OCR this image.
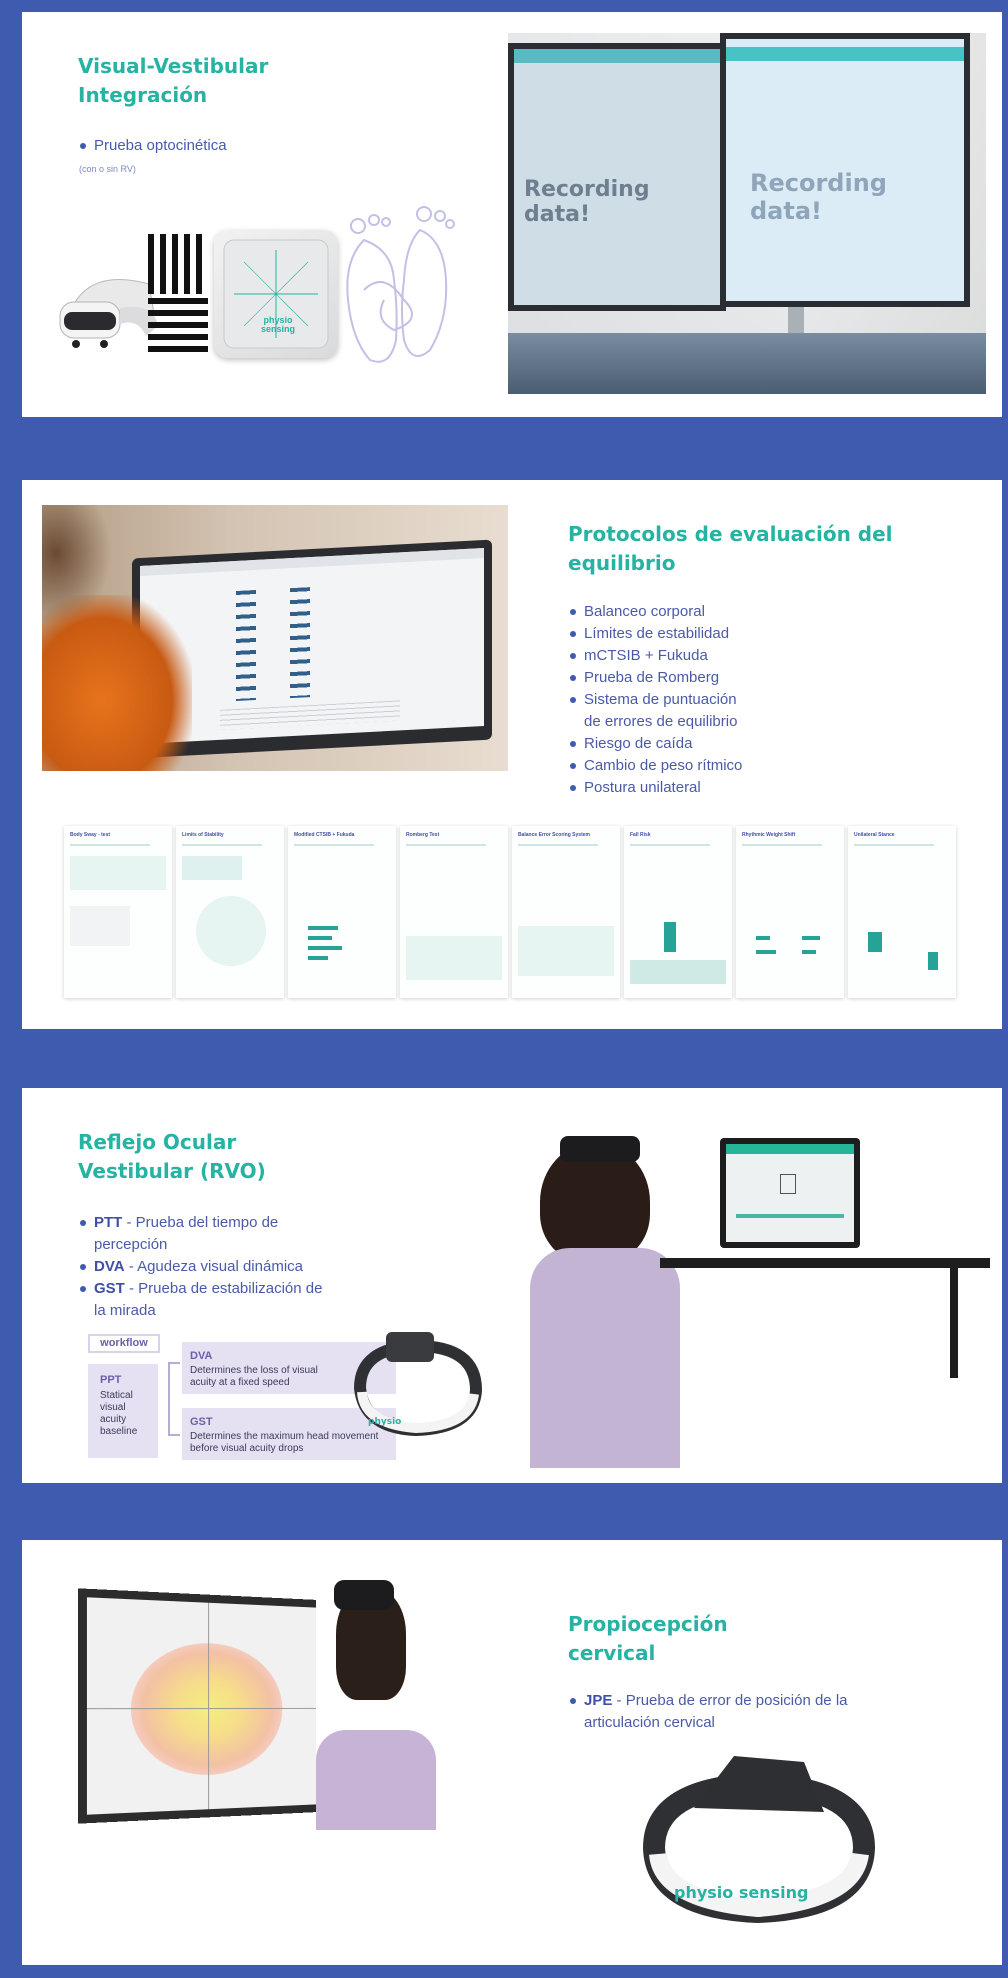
Visual-Vestibular
Integración
Prueba optocinética
(con o sin RV)
physio sensing
Recording data!
Recording data!
Protocolos de evaluación del
equilibrio
Balanceo corporal
Límites de estabilidad
mCTSIB + Fukuda
Prueba de Romberg
Sistema de puntuación
de errores de equilibrio
Riesgo de caída
Cambio de peso rítmico
Postura unilateral
Body Sway - test	Limits of Stability	Modified CTSIB + Fukuda	Romberg Test	Balance Error Scoring System	Fall Risk	Rhythmic Weight Shift	Unilateral Stance
Reflejo Ocular
Vestibular (RVO)
PTT - Prueba del tiempo de percepción
DVA - Agudeza visual dinámica
GST - Prueba de estabilización de la mirada
workflow
PPT
Statical visual acuity baseline
DVA
Determines the loss of visual acuity at a fixed speed
GST
Determines the maximum head movement before visual acuity drops
physio
Propiocepción
cervical
JPE - Prueba de error de posición de la articulación cervical
physio sensing
